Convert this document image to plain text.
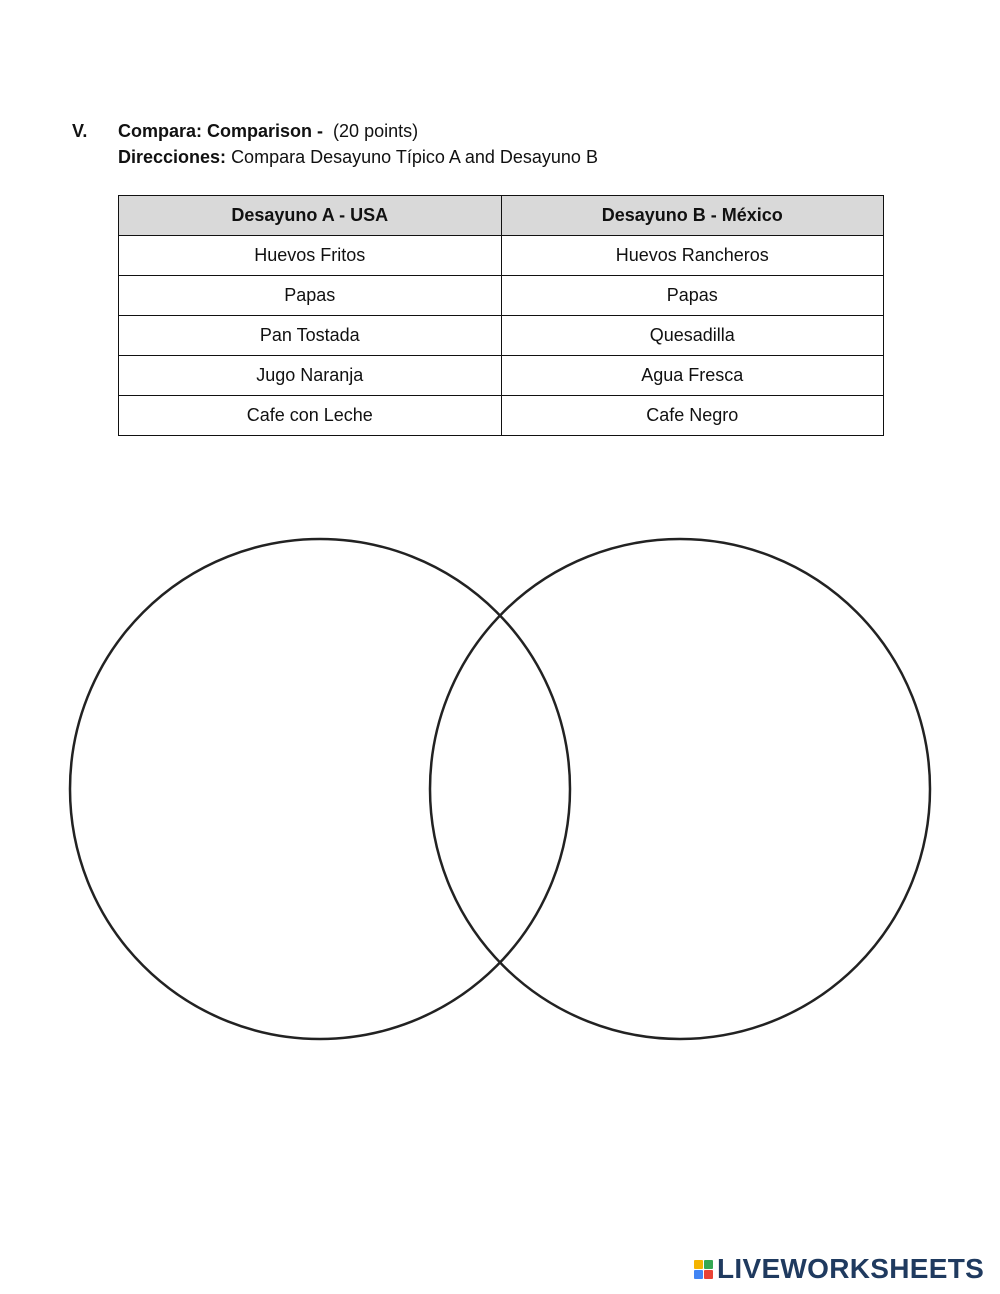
V. Compara: Comparison - (20 points)
Direcciones: Compara Desayuno Típico A and Desayuno B
Desayuno A - USA	Desayuno B - México
Huevos Fritos	Huevos Rancheros
Papas	Papas
Pan Tostada	Quesadilla
Jugo Naranja	Agua Fresca
Cafe con Leche	Cafe Negro
LIVEWORKSHEETS
